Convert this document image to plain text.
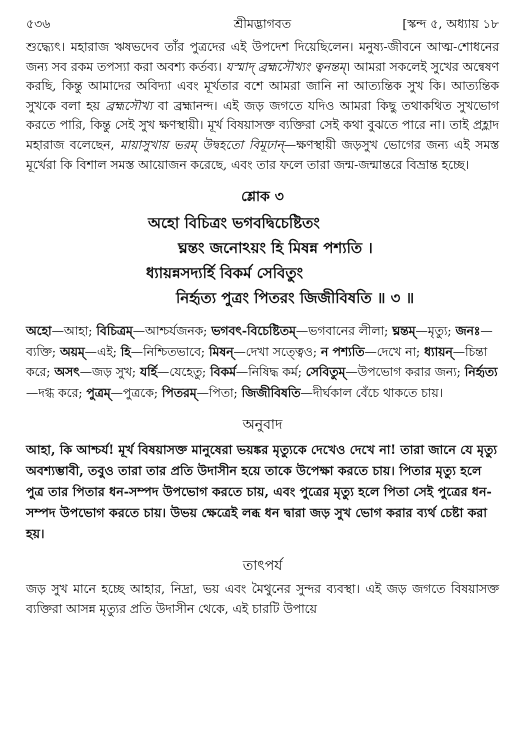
৫৩৬	শ্রীমদ্ভাগবত	[স্কন্দ ৫, অধ্যায় ১৮

শুদ্ধ্যেৎ। মহারাজ ঋষভদেব তাঁর পুত্রদের এই উপদেশ দিয়েছিলেন। মনুষ্য-জীবনে আত্ম-শোধনের জন্য সব রকম তপস্যা করা অবশ্য কর্তব্য। যস্মাদ্ ব্রহ্মসৌখ্যং ত্বনন্তম্। আমরা সকলেই সুখের অন্বেষণ করছি, কিন্তু আমাদের অবিদ্যা এবং মূর্খতার বশে আমরা জানি না আত্যন্তিক সুখ কি। আত্যন্তিক সুখকে বলা হয় ব্রহ্মসৌখ্য বা ব্রহ্মানন্দ। এই জড় জগতে যদিও আমরা কিছু তথাকথিত সুখভোগ করতে পারি, কিন্তু সেই সুখ ক্ষণস্থায়ী। মূর্খ বিষয়াসক্ত ব্যক্তিরা সেই কথা বুঝতে পারে না। তাই প্রহ্লাদ মহারাজ বলেছেন, মায়াসুখায় ভরম্ উদ্বহতো বিমূঢান্—ক্ষণস্থায়ী জড়সুখ ভোগের জন্য এই সমস্ত মূর্খেরা কি বিশাল সমস্ত আয়োজন করেছে, এবং তার ফলে তারা জন্ম-জন্মান্তরে বিভ্রান্ত হচ্ছে।

শ্লোক ৩
অহো বিচিত্রং ভগবদ্বিচেষ্টিতং
ঘ্নন্তং জনোঽয়ং হি মিষন্ন পশ্যতি ।
ধ্যায়ন্নসদ্যর্হি বিকর্ম সেবিতুং
নির্হৃত্য পুত্রং পিতরং জিজীবিষতি ॥ ৩ ॥

অহো—আহা; বিচিত্রম্—আশ্চর্যজনক; ভগবৎ-বিচেষ্টিতম্—ভগবানের লীলা; ঘ্নন্তম্—মৃত্যু; জনঃ—ব্যক্তি; অয়ম্—এই; হি—নিশ্চিতভাবে; মিষন্—দেখা সত্ত্বেও; ন পশ্যতি—দেখে না; ধ্যায়ন্—চিন্তা করে; অসৎ—জড় সুখ; যর্হি—যেহেতু; বিকর্ম—নিষিদ্ধ কর্ম; সেবিতুম্—উপভোগ করার জন্য; নির্হৃত্য—দগ্ধ করে; পুত্রম্—পুত্রকে; পিতরম্—পিতা; জিজীবিষতি—দীর্ঘকাল বেঁচে থাকতে চায়।

অনুবাদ

আহা, কি আশ্চর্য! মূর্খ বিষয়াসক্ত মানুষেরা ভয়ঙ্কর মৃত্যুকে দেখেও দেখে না! তারা জানে যে মৃত্যু অবশ্যম্ভাবী, তবুও তারা তার প্রতি উদাসীন হয়ে তাকে উপেক্ষা করতে চায়। পিতার মৃত্যু হলে পুত্র তার পিতার ধন-সম্পদ উপভোগ করতে চায়, এবং পুত্রের মৃত্যু হলে পিতা সেই পুত্রের ধন-সম্পদ উপভোগ করতে চায়। উভয় ক্ষেত্রেই লব্ধ ধন দ্বারা জড় সুখ ভোগ করার ব্যর্থ চেষ্টা করা হয়।

তাৎপর্য

জড় সুখ মানে হচ্ছে আহার, নিদ্রা, ভয় এবং মৈথুনের সুন্দর ব্যবস্থা। এই জড় জগতে বিষয়াসক্ত ব্যক্তিরা আসন্ন মৃত্যুর প্রতি উদাসীন থেকে, এই চারটি উপায়ে
